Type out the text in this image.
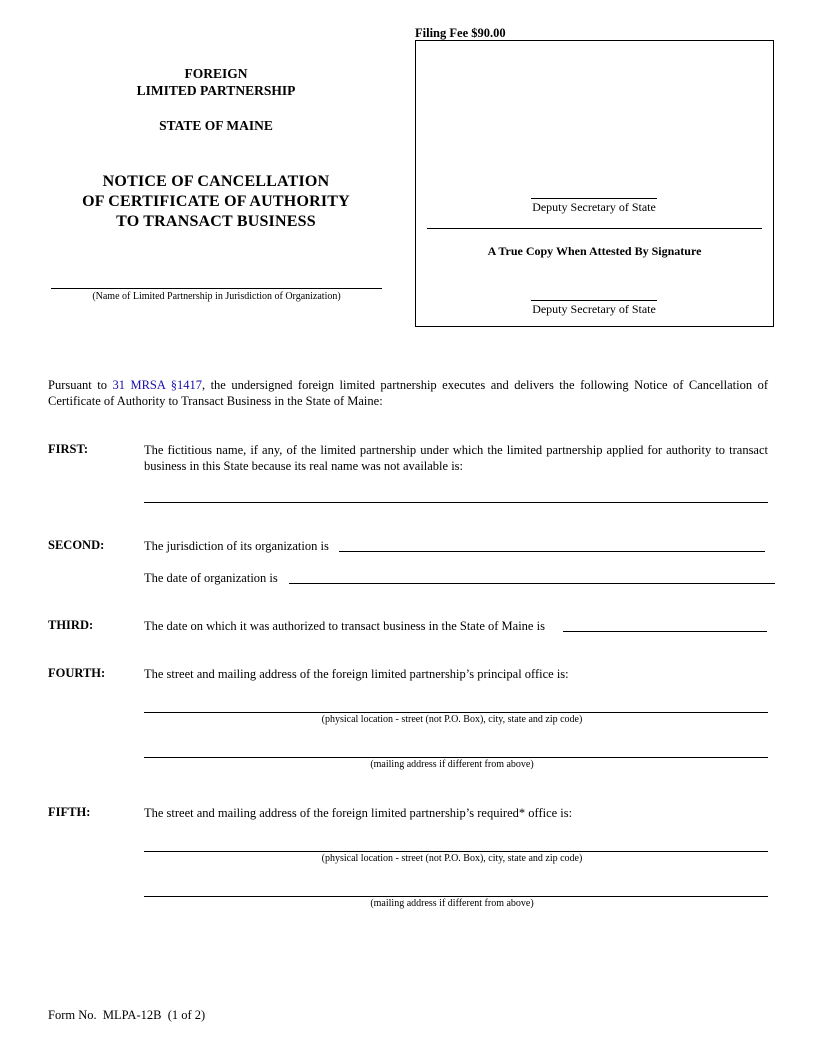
FOREIGN
LIMITED PARTNERSHIP
STATE OF MAINE
NOTICE OF CANCELLATION
OF CERTIFICATE OF AUTHORITY
TO TRANSACT BUSINESS
(Name of Limited Partnership in Jurisdiction of Organization)
Filing Fee $90.00
Deputy Secretary of State
A True Copy When Attested By Signature
Deputy Secretary of State
Pursuant to 31 MRSA §1417, the undersigned foreign limited partnership executes and delivers the following Notice of Cancellation of Certificate of Authority to Transact Business in the State of Maine:
FIRST:	The fictitious name, if any, of the limited partnership under which the limited partnership applied for authority to transact business in this State because its real name was not available is:
SECOND:	The jurisdiction of its organization is
The date of organization is
THIRD:	The date on which it was authorized to transact business in the State of Maine is
FOURTH:	The street and mailing address of the foreign limited partnership’s principal office is:
(physical location - street (not P.O. Box), city, state and zip code)
(mailing address if different from above)
FIFTH:	The street and mailing address of the foreign limited partnership’s required* office is:
(physical location - street (not P.O. Box), city, state and zip code)
(mailing address if different from above)
Form No.  MLPA-12B  (1 of 2)
